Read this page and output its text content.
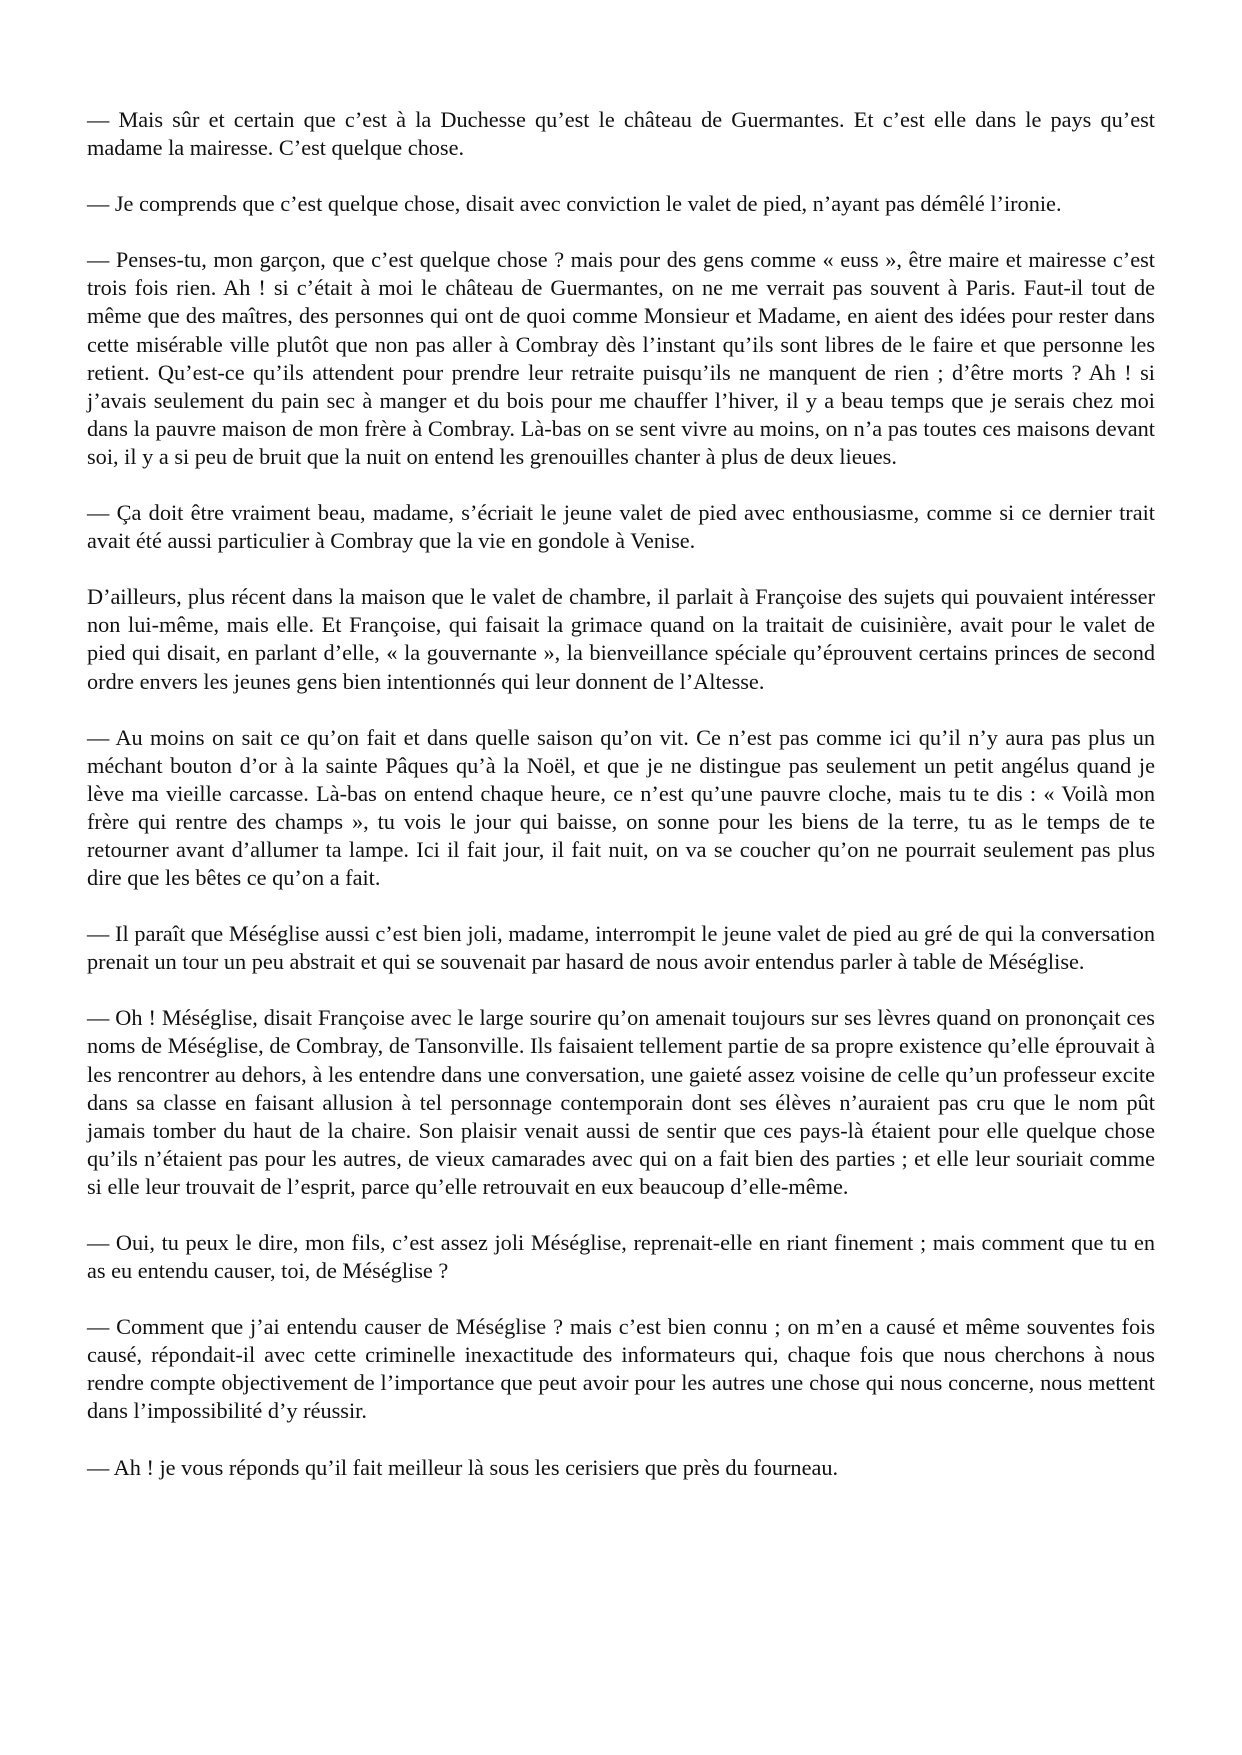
— Mais sûr et certain que c’est à la Duchesse qu’est le château de Guermantes. Et c’est elle dans le pays qu’est madame la mairesse. C’est quelque chose.

— Je comprends que c’est quelque chose, disait avec conviction le valet de pied, n’ayant pas démêlé l’ironie.

— Penses-tu, mon garçon, que c’est quelque chose ? mais pour des gens comme « euss », être maire et mairesse c’est trois fois rien. Ah ! si c’était à moi le château de Guermantes, on ne me verrait pas souvent à Paris. Faut-il tout de même que des maîtres, des personnes qui ont de quoi comme Monsieur et Madame, en aient des idées pour rester dans cette misérable ville plutôt que non pas aller à Combray dès l’instant qu’ils sont libres de le faire et que personne les retient. Qu’est-ce qu’ils attendent pour prendre leur retraite puisqu’ils ne manquent de rien ; d’être morts ? Ah ! si j’avais seulement du pain sec à manger et du bois pour me chauffer l’hiver, il y a beau temps que je serais chez moi dans la pauvre maison de mon frère à Combray. Là-bas on se sent vivre au moins, on n’a pas toutes ces maisons devant soi, il y a si peu de bruit que la nuit on entend les grenouilles chanter à plus de deux lieues.

— Ça doit être vraiment beau, madame, s’écriait le jeune valet de pied avec enthousiasme, comme si ce dernier trait avait été aussi particulier à Combray que la vie en gondole à Venise.

D’ailleurs, plus récent dans la maison que le valet de chambre, il parlait à Françoise des sujets qui pouvaient intéresser non lui-même, mais elle. Et Françoise, qui faisait la grimace quand on la traitait de cuisinière, avait pour le valet de pied qui disait, en parlant d’elle, « la gouvernante », la bienveillance spéciale qu’éprouvent certains princes de second ordre envers les jeunes gens bien intentionnés qui leur donnent de l’Altesse.

— Au moins on sait ce qu’on fait et dans quelle saison qu’on vit. Ce n’est pas comme ici qu’il n’y aura pas plus un méchant bouton d’or à la sainte Pâques qu’à la Noël, et que je ne distingue pas seulement un petit angélus quand je lève ma vieille carcasse. Là-bas on entend chaque heure, ce n’est qu’une pauvre cloche, mais tu te dis : « Voilà mon frère qui rentre des champs », tu vois le jour qui baisse, on sonne pour les biens de la terre, tu as le temps de te retourner avant d’allumer ta lampe. Ici il fait jour, il fait nuit, on va se coucher qu’on ne pourrait seulement pas plus dire que les bêtes ce qu’on a fait.

— Il paraît que Méséglise aussi c’est bien joli, madame, interrompit le jeune valet de pied au gré de qui la conversation prenait un tour un peu abstrait et qui se souvenait par hasard de nous avoir entendus parler à table de Méséglise.

— Oh ! Méséglise, disait Françoise avec le large sourire qu’on amenait toujours sur ses lèvres quand on prononçait ces noms de Méséglise, de Combray, de Tansonville. Ils faisaient tellement partie de sa propre existence qu’elle éprouvait à les rencontrer au dehors, à les entendre dans une conversation, une gaieté assez voisine de celle qu’un professeur excite dans sa classe en faisant allusion à tel personnage contemporain dont ses élèves n’auraient pas cru que le nom pût jamais tomber du haut de la chaire. Son plaisir venait aussi de sentir que ces pays-là étaient pour elle quelque chose qu’ils n’étaient pas pour les autres, de vieux camarades avec qui on a fait bien des parties ; et elle leur souriait comme si elle leur trouvait de l’esprit, parce qu’elle retrouvait en eux beaucoup d’elle-même.

— Oui, tu peux le dire, mon fils, c’est assez joli Méséglise, reprenait-elle en riant finement ; mais comment que tu en as eu entendu causer, toi, de Méséglise ?

— Comment que j’ai entendu causer de Méséglise ? mais c’est bien connu ; on m’en a causé et même souventes fois causé, répondait-il avec cette criminelle inexactitude des informateurs qui, chaque fois que nous cherchons à nous rendre compte objectivement de l’importance que peut avoir pour les autres une chose qui nous concerne, nous mettent dans l’impossibilité d’y réussir.

— Ah ! je vous réponds qu’il fait meilleur là sous les cerisiers que près du fourneau.
